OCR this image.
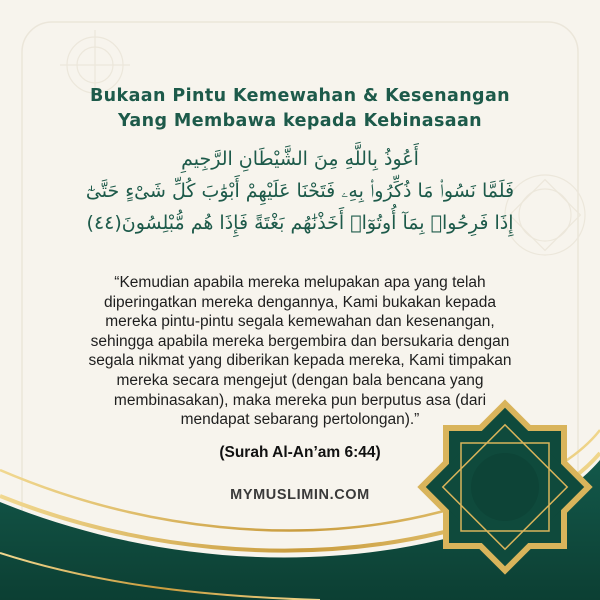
Bukaan Pintu Kemewahan & Kesenangan
Yang Membawa kepada Kebinasaan
أَعُوذُ بِاللَّهِ مِنَ الشَّيْطَانِ الرَّجِيمِ
فَلَمَّا نَسُوا۟ مَا ذُكِّرُوا۟ بِهِۦ فَتَحْنَا عَلَيْهِمْ أَبْوَٰبَ كُلِّ شَىْءٍ حَتَّىٰٓ
إِذَا فَرِحُوا۟ بِمَآ أُوتُوٓا۟ أَخَذْنَٰهُم بَغْتَةً فَإِذَا هُم مُّبْلِسُونَ(٤٤)
“Kemudian apabila mereka melupakan apa yang telah
diperingatkan mereka dengannya, Kami bukakan kepada
mereka pintu-pintu segala kemewahan dan kesenangan,
sehingga apabila mereka bergembira dan bersukaria dengan
segala nikmat yang diberikan kepada mereka, Kami timpakan
mereka secara mengejut (dengan bala bencana yang
membinasakan), maka mereka pun berputus asa (dari
mendapat sebarang pertolongan).”
(Surah Al-An’am 6:44)
MYMUSLIMIN.COM
